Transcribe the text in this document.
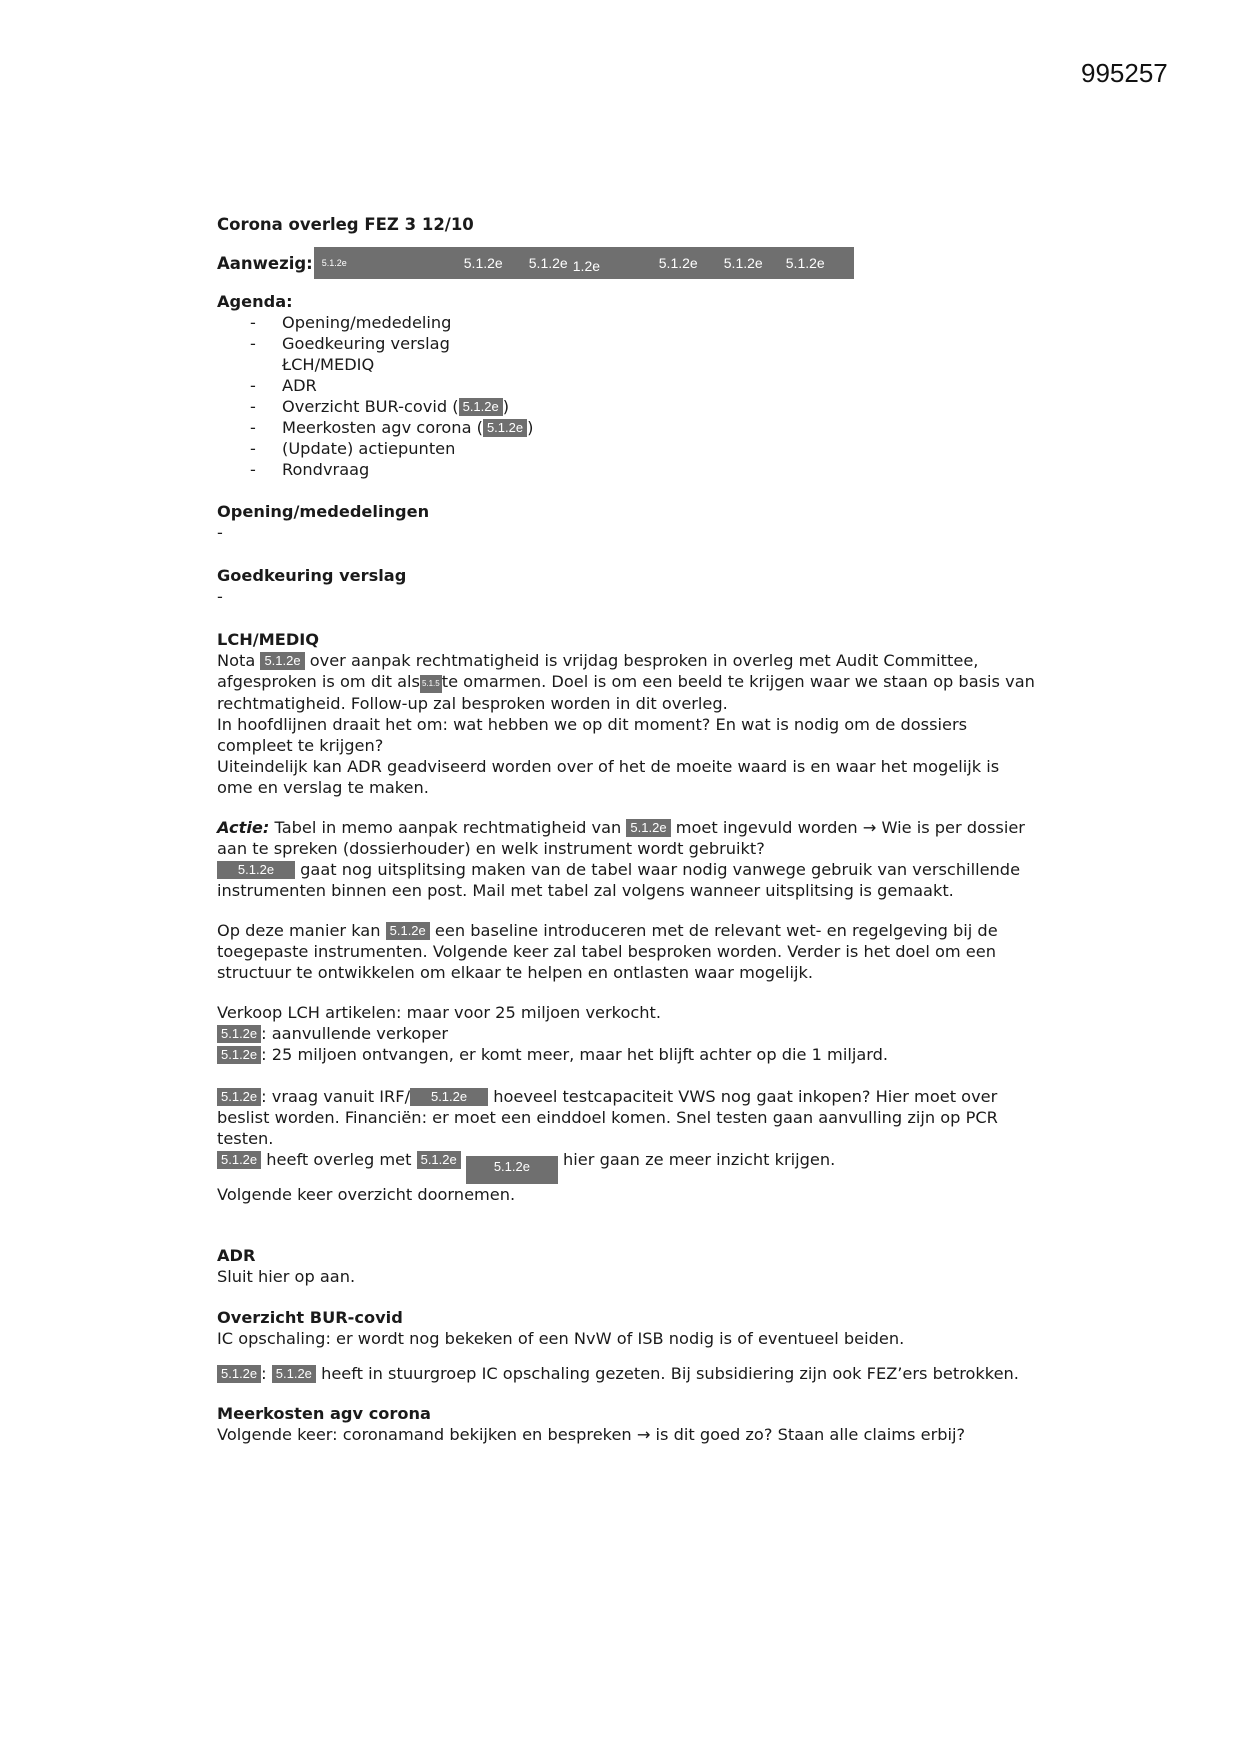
995257

Corona overleg FEZ 3 12/10

Aanwezig: 5.1.2e	5.1.2e 5.1.2e 1.2e	5.1.2e 5.1.2e 5.1.2e
Agenda:
- Opening/mededeling
- Goedkeuring verslag
ŁCH/MEDIQ
- ADR
- Overzicht BUR-covid ( 5.1.2e )
- Meerkosten agv corona ( 5.1.2e )
- (Update) actiepunten
- Rondvraag
Opening/mededelingen

-

Goedkeuring verslag

-

LCH/MEDIQ

Nota 5.1.2e over aanpak rechtmatigheid is vrijdag besproken in overleg met Audit Committee, afgesproken is om dit als 5.1.5 te omarmen. Doel is om een beeld te krijgen waar we staan op basis van rechtmatigheid. Follow-up zal besproken worden in dit overleg.

In hoofdlijnen draait het om: wat hebben we op dit moment? En wat is nodig om de dossiers compleet te krijgen?

Uiteindelijk kan ADR geadviseerd worden over of het de moeite waard is en waar het mogelijk is ome en verslag te maken.

Actie: Tabel in memo aanpak rechtmatigheid van 5.1.2e moet ingevuld worden → Wie is per dossier aan te spreken (dossierhouder) en welk instrument wordt gebruikt?

5.1.2e gaat nog uitsplitsing maken van de tabel waar nodig vanwege gebruik van verschillende instrumenten binnen een post. Mail met tabel zal volgens wanneer uitsplitsing is gemaakt.

Op deze manier kan 5.1.2e een baseline introduceren met de relevant wet- en regelgeving bij de toegepaste instrumenten. Volgende keer zal tabel besproken worden. Verder is het doel om een structuur te ontwikkelen om elkaar te helpen en ontlasten waar mogelijk.

Verkoop LCH artikelen: maar voor 25 miljoen verkocht.

5.1.2e : aanvullende verkoper

5.1.2e : 25 miljoen ontvangen, er komt meer, maar het blijft achter op die 1 miljard.

5.1.2e : vraag vanuit IRF/ 5.1.2e hoeveel testcapaciteit VWS nog gaat inkopen? Hier moet over beslist worden. Financiën: er moet een einddoel komen. Snel testen gaan aanvulling zijn op PCR testen.

5.1.2e heeft overleg met 5.1.2e	5.1.2e hier gaan ze meer inzicht krijgen.

Volgende keer overzicht doornemen.

ADR

Sluit hier op aan.

Overzicht BUR-covid

IC opschaling: er wordt nog bekeken of een NvW of ISB nodig is of eventueel beiden.

5.1.2e : 5.1.2e heeft in stuurgroep IC opschaling gezeten. Bij subsidiering zijn ook FEZ’ers betrokken.

Meerkosten agv corona

Volgende keer: coronamand bekijken en bespreken → is dit goed zo? Staan alle claims erbij?
